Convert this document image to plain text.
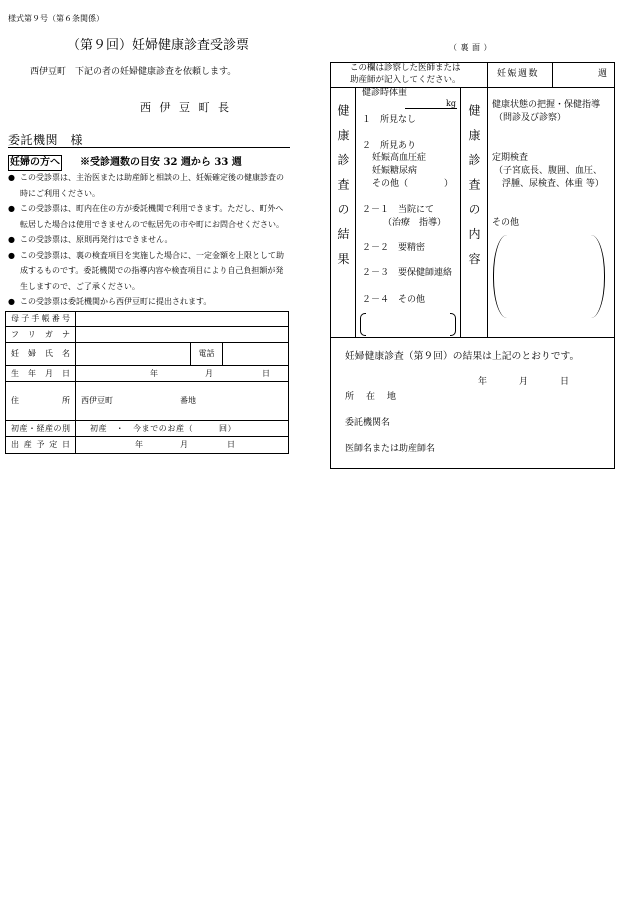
様式第９号（第６条関係）
（第９回）妊婦健康診査受診票
西伊豆町　下記の者の妊婦健康診査を依頼します。
西伊豆町長
委託機関　様
妊婦の方へ ※受診週数の目安 32 週から 33 週
● この受診票は、主治医または助産師と相談の上、妊娠確定後の健康診査の
時にご利用ください。
● この受診票は、町内在住の方が委託機関で利用できます。ただし、町外へ
転居した場合は使用できませんので転居先の市や町にお問合せください。
● この受診票は、原則再発行はできません。
● この受診票は、裏の検査項目を実施した場合に、一定金額を上限として助
成するものです。委託機関での指導内容や検査項目により自己負担額が発
生しますので、ご了承ください。
● この受診票は委託機関から西伊豆町に提出されます。
母子手帳番号			
フリガナ			
妊婦氏名		電話	
生年月日	年 月 日		

住所	西伊豆町 番地		

初産・経産の別	初産　・　今までのお産（　　　回）		

出産予定日	年 月 日		
（裏面）
この欄は診察した医師または
助産師が記入してください。
妊娠週数	週
健康診査の結果
健診時体重
kg
１　所見なし
２　所見あり
妊娠高血圧症
妊娠糖尿病
その他（　　　　）
２－１　当院にて
（治療　指導）
２－２　要精密
２－３　要保健師連絡
２－４　その他
健康診査の内容 健康状態の把握・保健指導
（問診及び診察）
定期検査
（子宮底長、腹囲、血圧、
浮腫、尿検査、体重 等）
その他
妊婦健康診査（第９回）の結果は上記のとおりです。
年	月	日
所在地
委託機関名
医師名または助産師名
